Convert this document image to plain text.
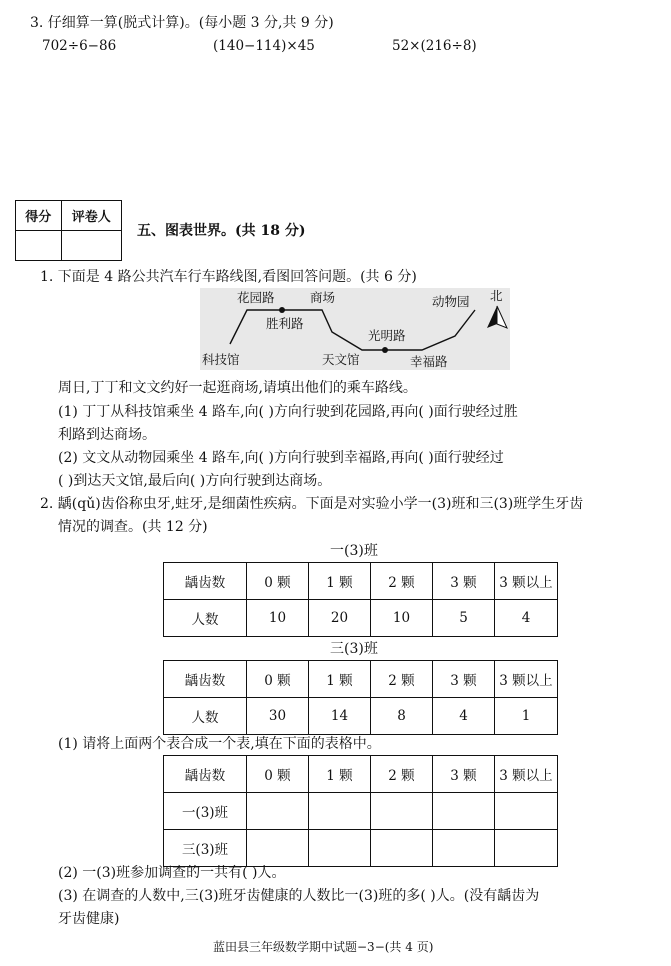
3. 仔细算一算(脱式计算)。(每小题 3 分,共 9 分)
702÷6−86	(140−114)×45	52×(216÷8)
得分	评卷人

五、图表世界。(共 18 分)
1. 下面是 4 路公共汽车行车路线图,看图回答问题。(共 6 分)
花园路	商场
胜利路
光明路
动物园
科技馆	天文馆	幸福路
北
周日,丁丁和文文约好一起逛商场,请填出他们的乘车路线。
(1) 丁丁从科技馆乘坐 4 路车,向( )方向行驶到花园路,再向( )面行驶经过胜
利路到达商场。
(2) 文文从动物园乘坐 4 路车,向( )方向行驶到幸福路,再向( )面行驶经过
( )到达天文馆,最后向( )方向行驶到达商场。
2. 龋(qǔ)齿俗称虫牙,蛀牙,是细菌性疾病。下面是对实验小学一(3)班和三(3)班学生牙齿
情况的调查。(共 12 分)
一(3)班
龋齿数	0 颗	1 颗	2 颗	3 颗	3 颗以上
人数	10	20	10	5	4
三(3)班
龋齿数	0 颗	1 颗	2 颗	3 颗	3 颗以上
人数	30	14	8	4	1
(1) 请将上面两个表合成一个表,填在下面的表格中。
龋齿数	0 颗	1 颗	2 颗	3 颗	3 颗以上
一(3)班					
三(3)班					
(2) 一(3)班参加调查的一共有( )人。
(3) 在调查的人数中,三(3)班牙齿健康的人数比一(3)班的多( )人。(没有龋齿为
牙齿健康)
蓝田县三年级数学期中试题−3−(共 4 页)
